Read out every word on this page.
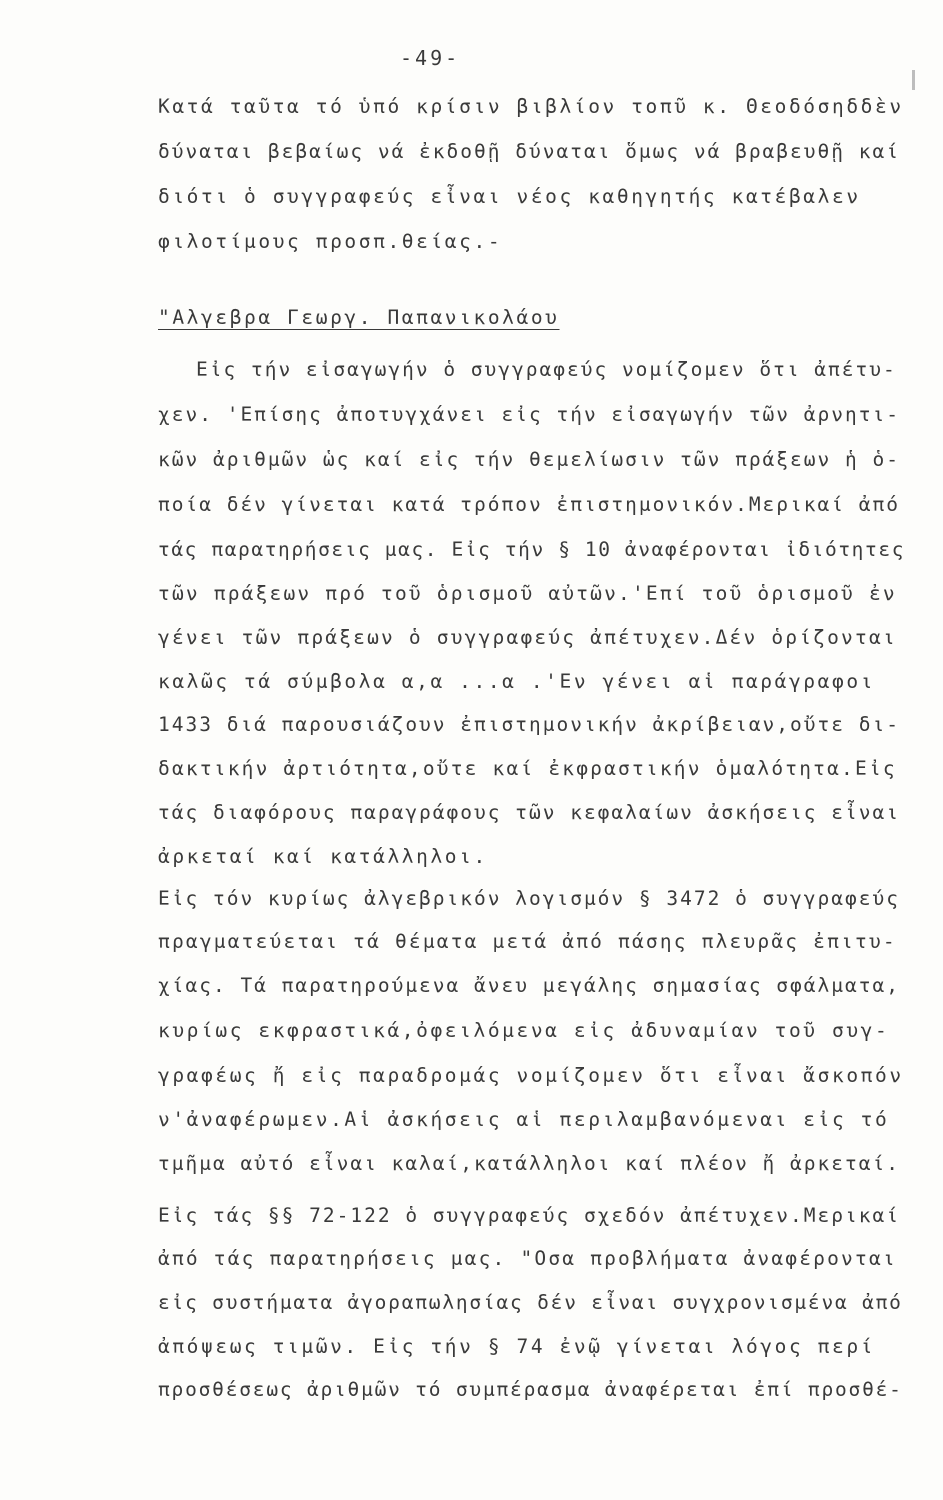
-49-
Κατά ταῦτα τό ὑπό κρίσιν βιβλίον τοπῦ κ. Θεοδόσηδδὲν
δύναται βεβαίως νά ἐκδοθῇ δύναται ὅμως νά βραβευθῇ καί
διότι ὁ συγγραφεύς εἶναι νέος καθηγητής κατέβαλεν
φιλοτίμους προσπ.θείας.-
"Αλγεβρα Γεωργ. Παπανικολάου
Εἰς τήν εἰσαγωγήν ὁ συγγραφεύς νομίζομεν ὅτι ἀπέτυ-
χεν. 'Επίσης ἀποτυγχάνει εἰς τήν εἰσαγωγήν τῶν ἀρνητι-
κῶν ἀριθμῶν ὡς καί εἰς τήν θεμελίωσιν τῶν πράξεων ἡ ὁ-
ποία δέν γίνεται κατά τρόπον ἐπιστημονικόν.Μερικαί ἀπό
τάς παρατηρήσεις μας. Εἰς τήν § 10 ἀναφέρονται ἰδιότητες
τῶν πράξεων πρό τοῦ ὁρισμοῦ αὐτῶν.'Επί τοῦ ὁρισμοῦ ἐν
γένει τῶν πράξεων ὁ συγγραφεύς ἀπέτυχεν.Δέν ὁρίζονται
καλῶς τά σύμβολα α,α ...α .'Εν γένει αἱ παράγραφοι
1433 διά παρουσιάζουν ἐπιστημονικήν ἀκρίβειαν,οὔτε δι-
δακτικήν ἀρτιότητα,οὔτε καί ἐκφραστικήν ὁμαλότητα.Εἰς
τάς διαφόρους παραγράφους τῶν κεφαλαίων ἀσκήσεις εἶναι
ἀρκεταί καί κατάλληλοι.
Εἰς τόν κυρίως ἀλγεβρικόν λογισμόν § 3472 ὁ συγγραφεύς
πραγματεύεται τά θέματα μετά ἀπό πάσης πλευρᾶς ἐπιτυ-
χίας. Τά παρατηρούμενα ἄνευ μεγάλης σημασίας σφάλματα,
κυρίως εκφραστικά,ὀφειλόμενα εἰς ἀδυναμίαν τοῦ συγ-
γραφέως ἤ εἰς παραδρομάς νομίζομεν ὅτι εἶναι ἄσκοπόν
ν'ἀναφέρωμεν.Αἱ ἀσκήσεις αἱ περιλαμβανόμεναι εἰς τό
τμῆμα αὐτό εἶναι καλαί,κατάλληλοι καί πλέον ἤ ἀρκεταί.
Εἰς τάς §§ 72-122 ὁ συγγραφεύς σχεδόν ἀπέτυχεν.Μερικαί
ἀπό τάς παρατηρήσεις μας. "Οσα προβλήματα ἀναφέρονται
εἰς συστήματα ἀγοραπωλησίας δέν εἶναι συγχρονισμένα ἀπό
ἀπόψεως τιμῶν. Εἰς τήν § 74 ἐνῷ γίνεται λόγος περί
προσθέσεως ἀριθμῶν τό συμπέρασμα ἀναφέρεται ἐπί προσθέ-
